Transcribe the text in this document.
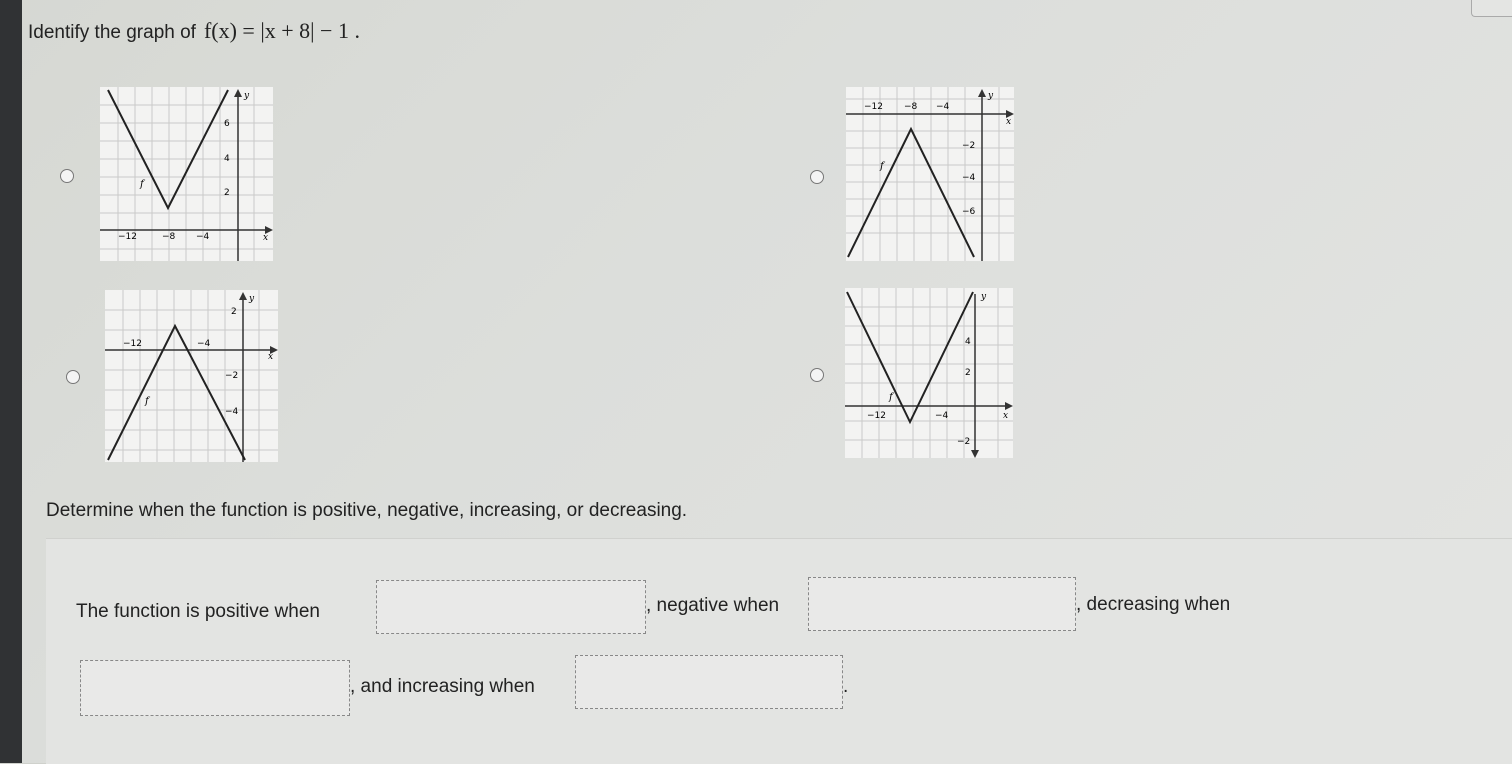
Identify the graph of f(x) = |x + 8| − 1 .
−12	−8 −4
6
4
2
x
y
f
−12 −8 −4
−2
−4
−6
x
y
f
−12	−4
2
−2
−4
x
y
f
−12	−4
4
2
−2
x
y
f
Determine when the function is positive, negative, increasing, or decreasing.
The function is positive when	, negative when	, decreasing when
, and increasing when	.
